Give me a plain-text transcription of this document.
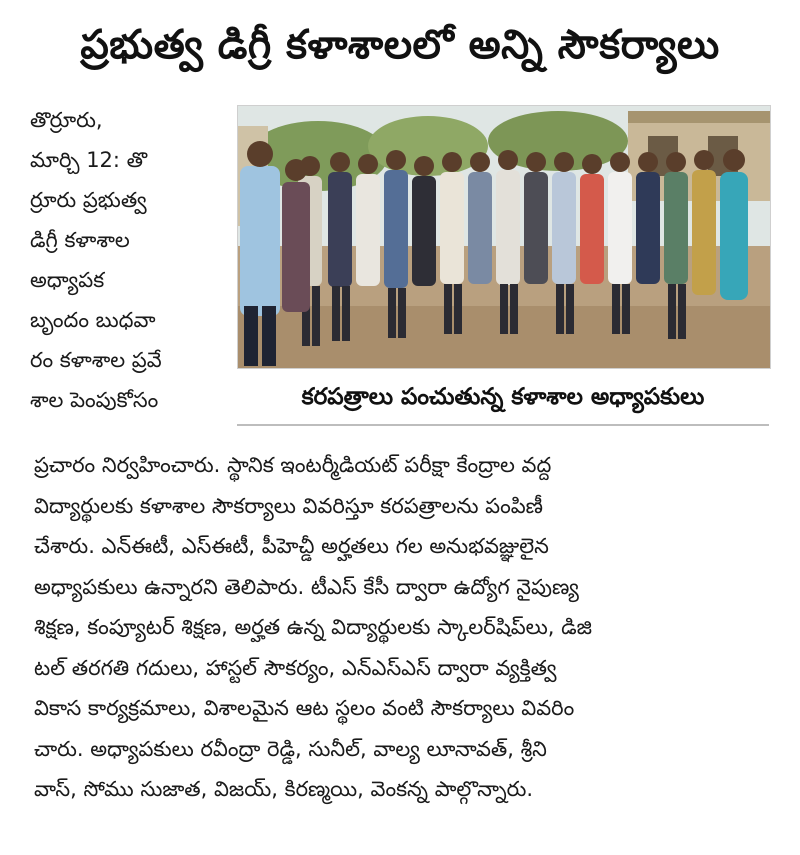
ప్రభుత్వ డిగ్రీ కళాశాలలో అన్ని సౌకర్యాలు

తొర్రూరు,

మార్చి 12: తొ

ర్రూరు ప్రభుత్వ

డిగ్రీ కళాశాల

అధ్యాపక

బృందం బుధవా

రం కళాశాల ప్రవే

శాల పెంపుకోసం	కరపత్రాలు పంచుతున్న కళాశాల అధ్యాపకులు

ప్రచారం నిర్వహించారు. స్థానిక ఇంటర్మీడియట్ పరీక్షా కేంద్రాల వద్ద

విద్యార్థులకు కళాశాల సౌకర్యాలు వివరిస్తూ కరపత్రాలను పంపిణీ

చేశారు. ఎన్ఈటీ, ఎస్ఈటీ, పీహెచ్డీ అర్హతలు గల అనుభవజ్ఞులైన

అధ్యాపకులు ఉన్నారని తెలిపారు. టీఎస్ కేసీ ద్వారా ఉద్యోగ నైపుణ్య

శిక్షణ, కంప్యూటర్ శిక్షణ, అర్హత ఉన్న విద్యార్థులకు స్కాలర్‌షిప్‌లు, డిజి

టల్ తరగతి గదులు, హాస్టల్ సౌకర్యం, ఎన్ఎస్ఎస్ ద్వారా వ్యక్తిత్వ

వికాస కార్యక్రమాలు, విశాలమైన ఆట స్థలం వంటి సౌకర్యాలు వివరిం

చారు. అధ్యాపకులు రవీంద్రా రెడ్డి, సునీల్, వాల్య లూనావత్, శ్రీని

వాస్, సోము సుజాత, విజయ్, కిరణ్మయి, వెంకన్న పాల్గొన్నారు.
